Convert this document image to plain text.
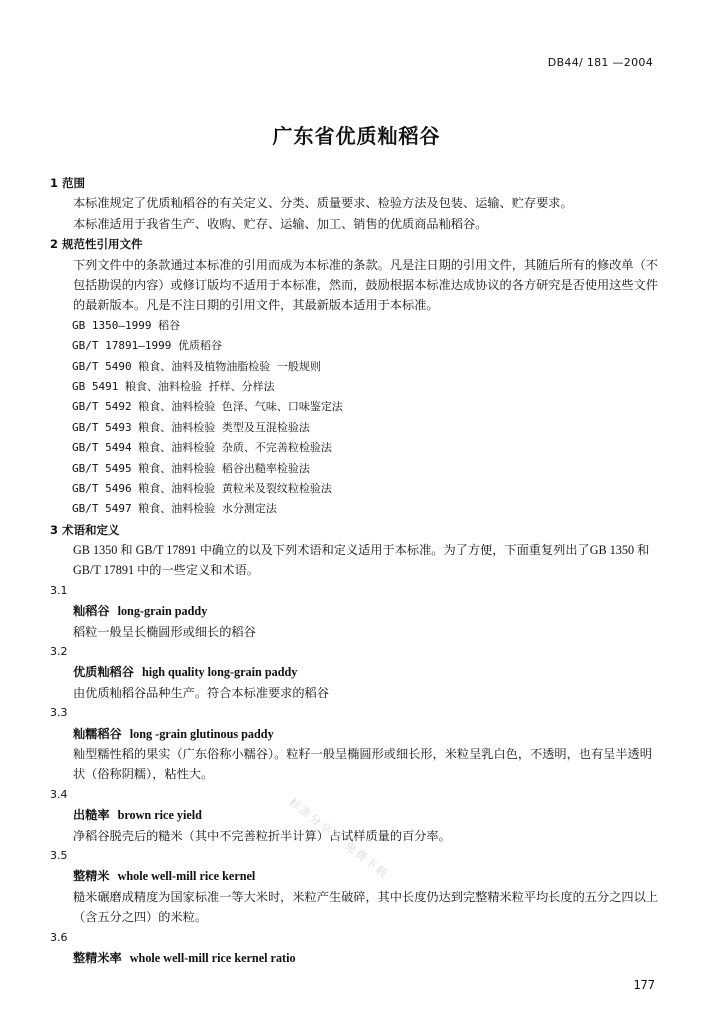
DB44/ 181 —2004
广东省优质籼稻谷
1 范围
本标准规定了优质籼稻谷的有关定义、分类、质量要求、检验方法及包装、运输、贮存要求。
本标准适用于我省生产、收购、贮存、运输、加工、销售的优质商品籼稻谷。
2 规范性引用文件
下列文件中的条款通过本标准的引用而成为本标准的条款。凡是注日期的引用文件，其随后所有的修改单（不包括勘误的内容）或修订版均不适用于本标准，然而，鼓励根据本标准达成协议的各方研究是否使用这些文件的最新版本。凡是不注日期的引用文件，其最新版本适用于本标准。
GB 1350—1999 稻谷
GB/T 17891—1999 优质稻谷
GB/T 5490 粮食、油料及植物油脂检验 一般规则
GB 5491 粮食、油料检验 扦样、分样法
GB/T 5492 粮食、油料检验 色泽、气味、口味鉴定法
GB/T 5493 粮食、油料检验 类型及互混检验法
GB/T 5494 粮食、油料检验 杂质、不完善粒检验法
GB/T 5495 粮食、油料检验 稻谷出糙率检验法
GB/T 5496 粮食、油料检验 黄粒米及裂纹粒检验法
GB/T 5497 粮食、油料检验 水分测定法
3 术语和定义
GB 1350 和 GB/T 17891 中确立的以及下列术语和定义适用于本标准。为了方便，下面重复列出了GB 1350 和 GB/T 17891 中的一些定义和术语。
3.1
籼稻谷 long-grain paddy
稻粒一般呈长椭圆形或细长的稻谷
3.2
优质籼稻谷 high quality long-grain paddy
由优质籼稻谷品种生产。符合本标准要求的稻谷
3.3
籼糯稻谷 long -grain glutinous paddy
籼型糯性稻的果实（广东俗称小糯谷）。粒籽一般呈椭圆形或细长形，米粒呈乳白色，不透明，也有呈半透明状（俗称阴糯），粘性大。
3.4
出糙率 brown rice yield
净稻谷脱壳后的糙米（其中不完善粒折半计算）占试样质量的百分率。
3.5
整精米 whole well-mill rice kernel
糙米碾磨成精度为国家标准一等大米时，米粒产生破碎，其中长度仍达到完整精米粒平均长度的五分之四以上（含五分之四）的米粒。
3.6
整精米率 whole well-mill rice kernel ratio
标准分享网 免费下载
177
